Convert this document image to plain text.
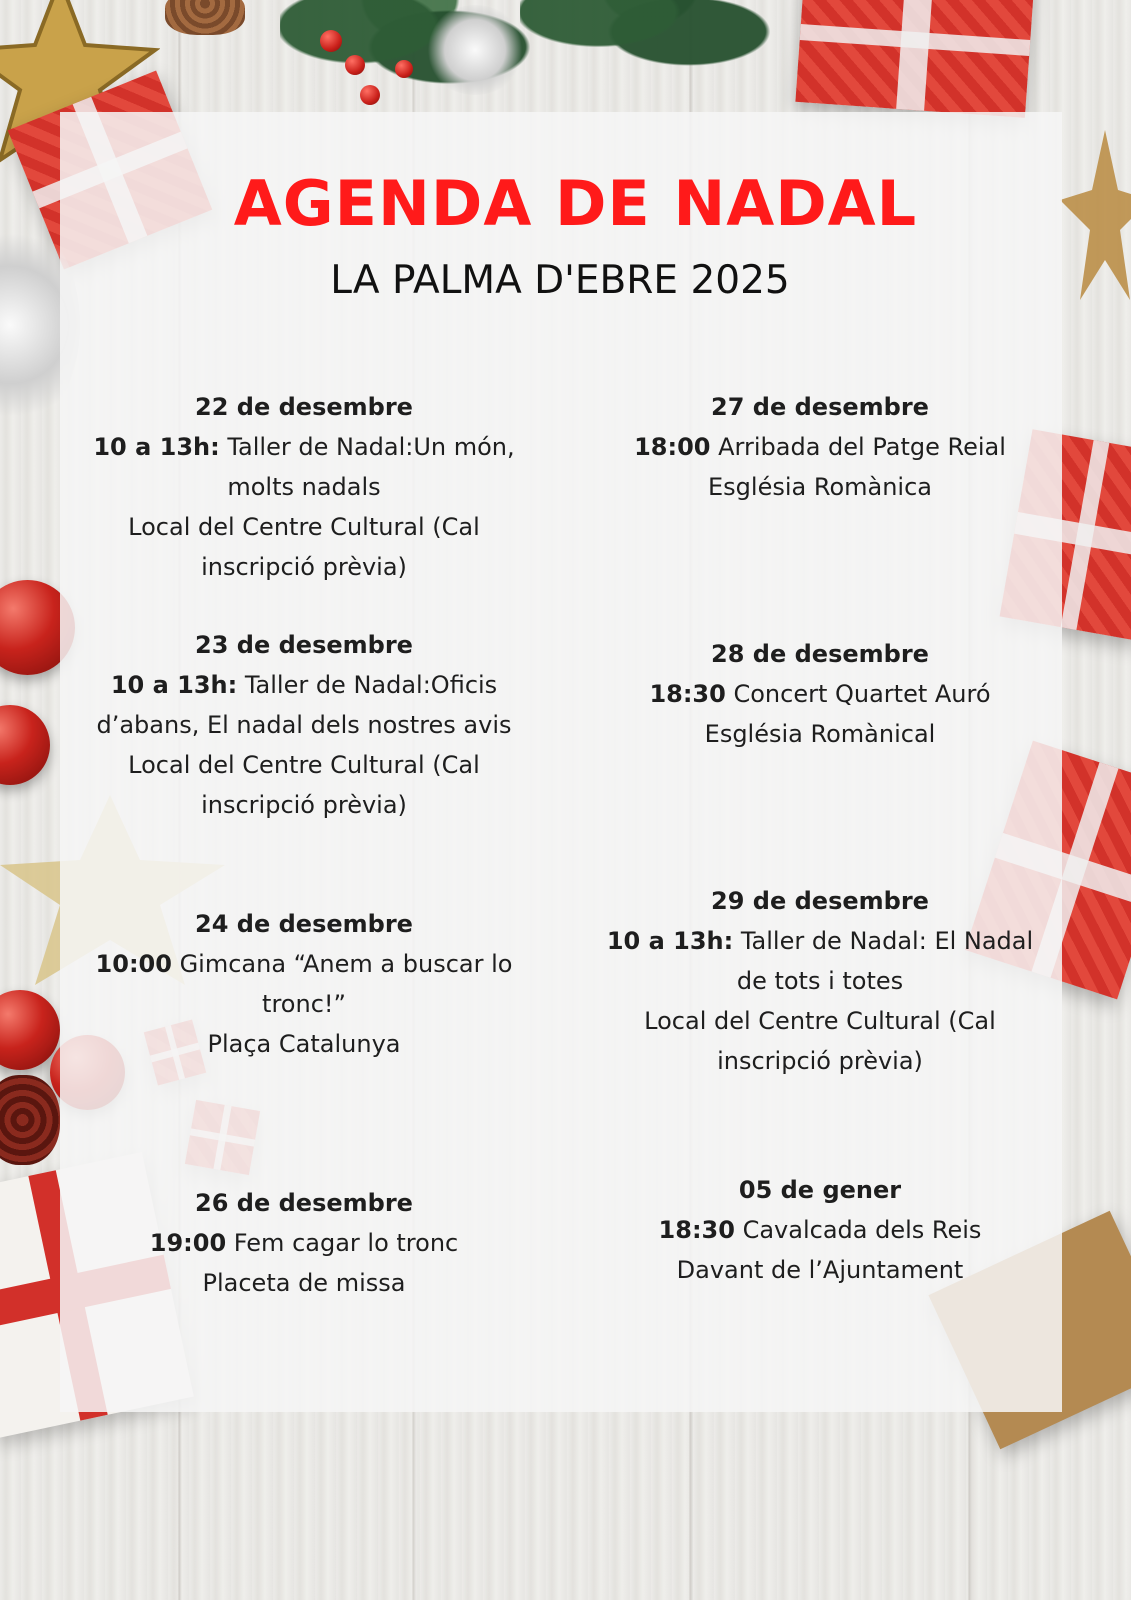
AGENDA DE NADAL
LA PALMA D'EBRE 2025
22 de desembre
10 a 13h: Taller de Nadal:Un món,
molts nadals
Local del Centre Cultural (Cal
inscripció prèvia)
23 de desembre
10 a 13h: Taller de Nadal:Oficis
d’abans, El nadal dels nostres avis
Local del Centre Cultural (Cal
inscripció prèvia)
24 de desembre
10:00 Gimcana “Anem a buscar lo
tronc!”
Plaça Catalunya
26 de desembre
19:00 Fem cagar lo tronc
Placeta de missa
27 de desembre
18:00 Arribada del Patge Reial
Església Romànica
28 de desembre
18:30 Concert Quartet Auró
Església Romànical
29 de desembre
10 a 13h: Taller de Nadal: El Nadal
de tots i totes
Local del Centre Cultural (Cal
inscripció prèvia)
05 de gener
18:30 Cavalcada dels Reis
Davant de l’Ajuntament
